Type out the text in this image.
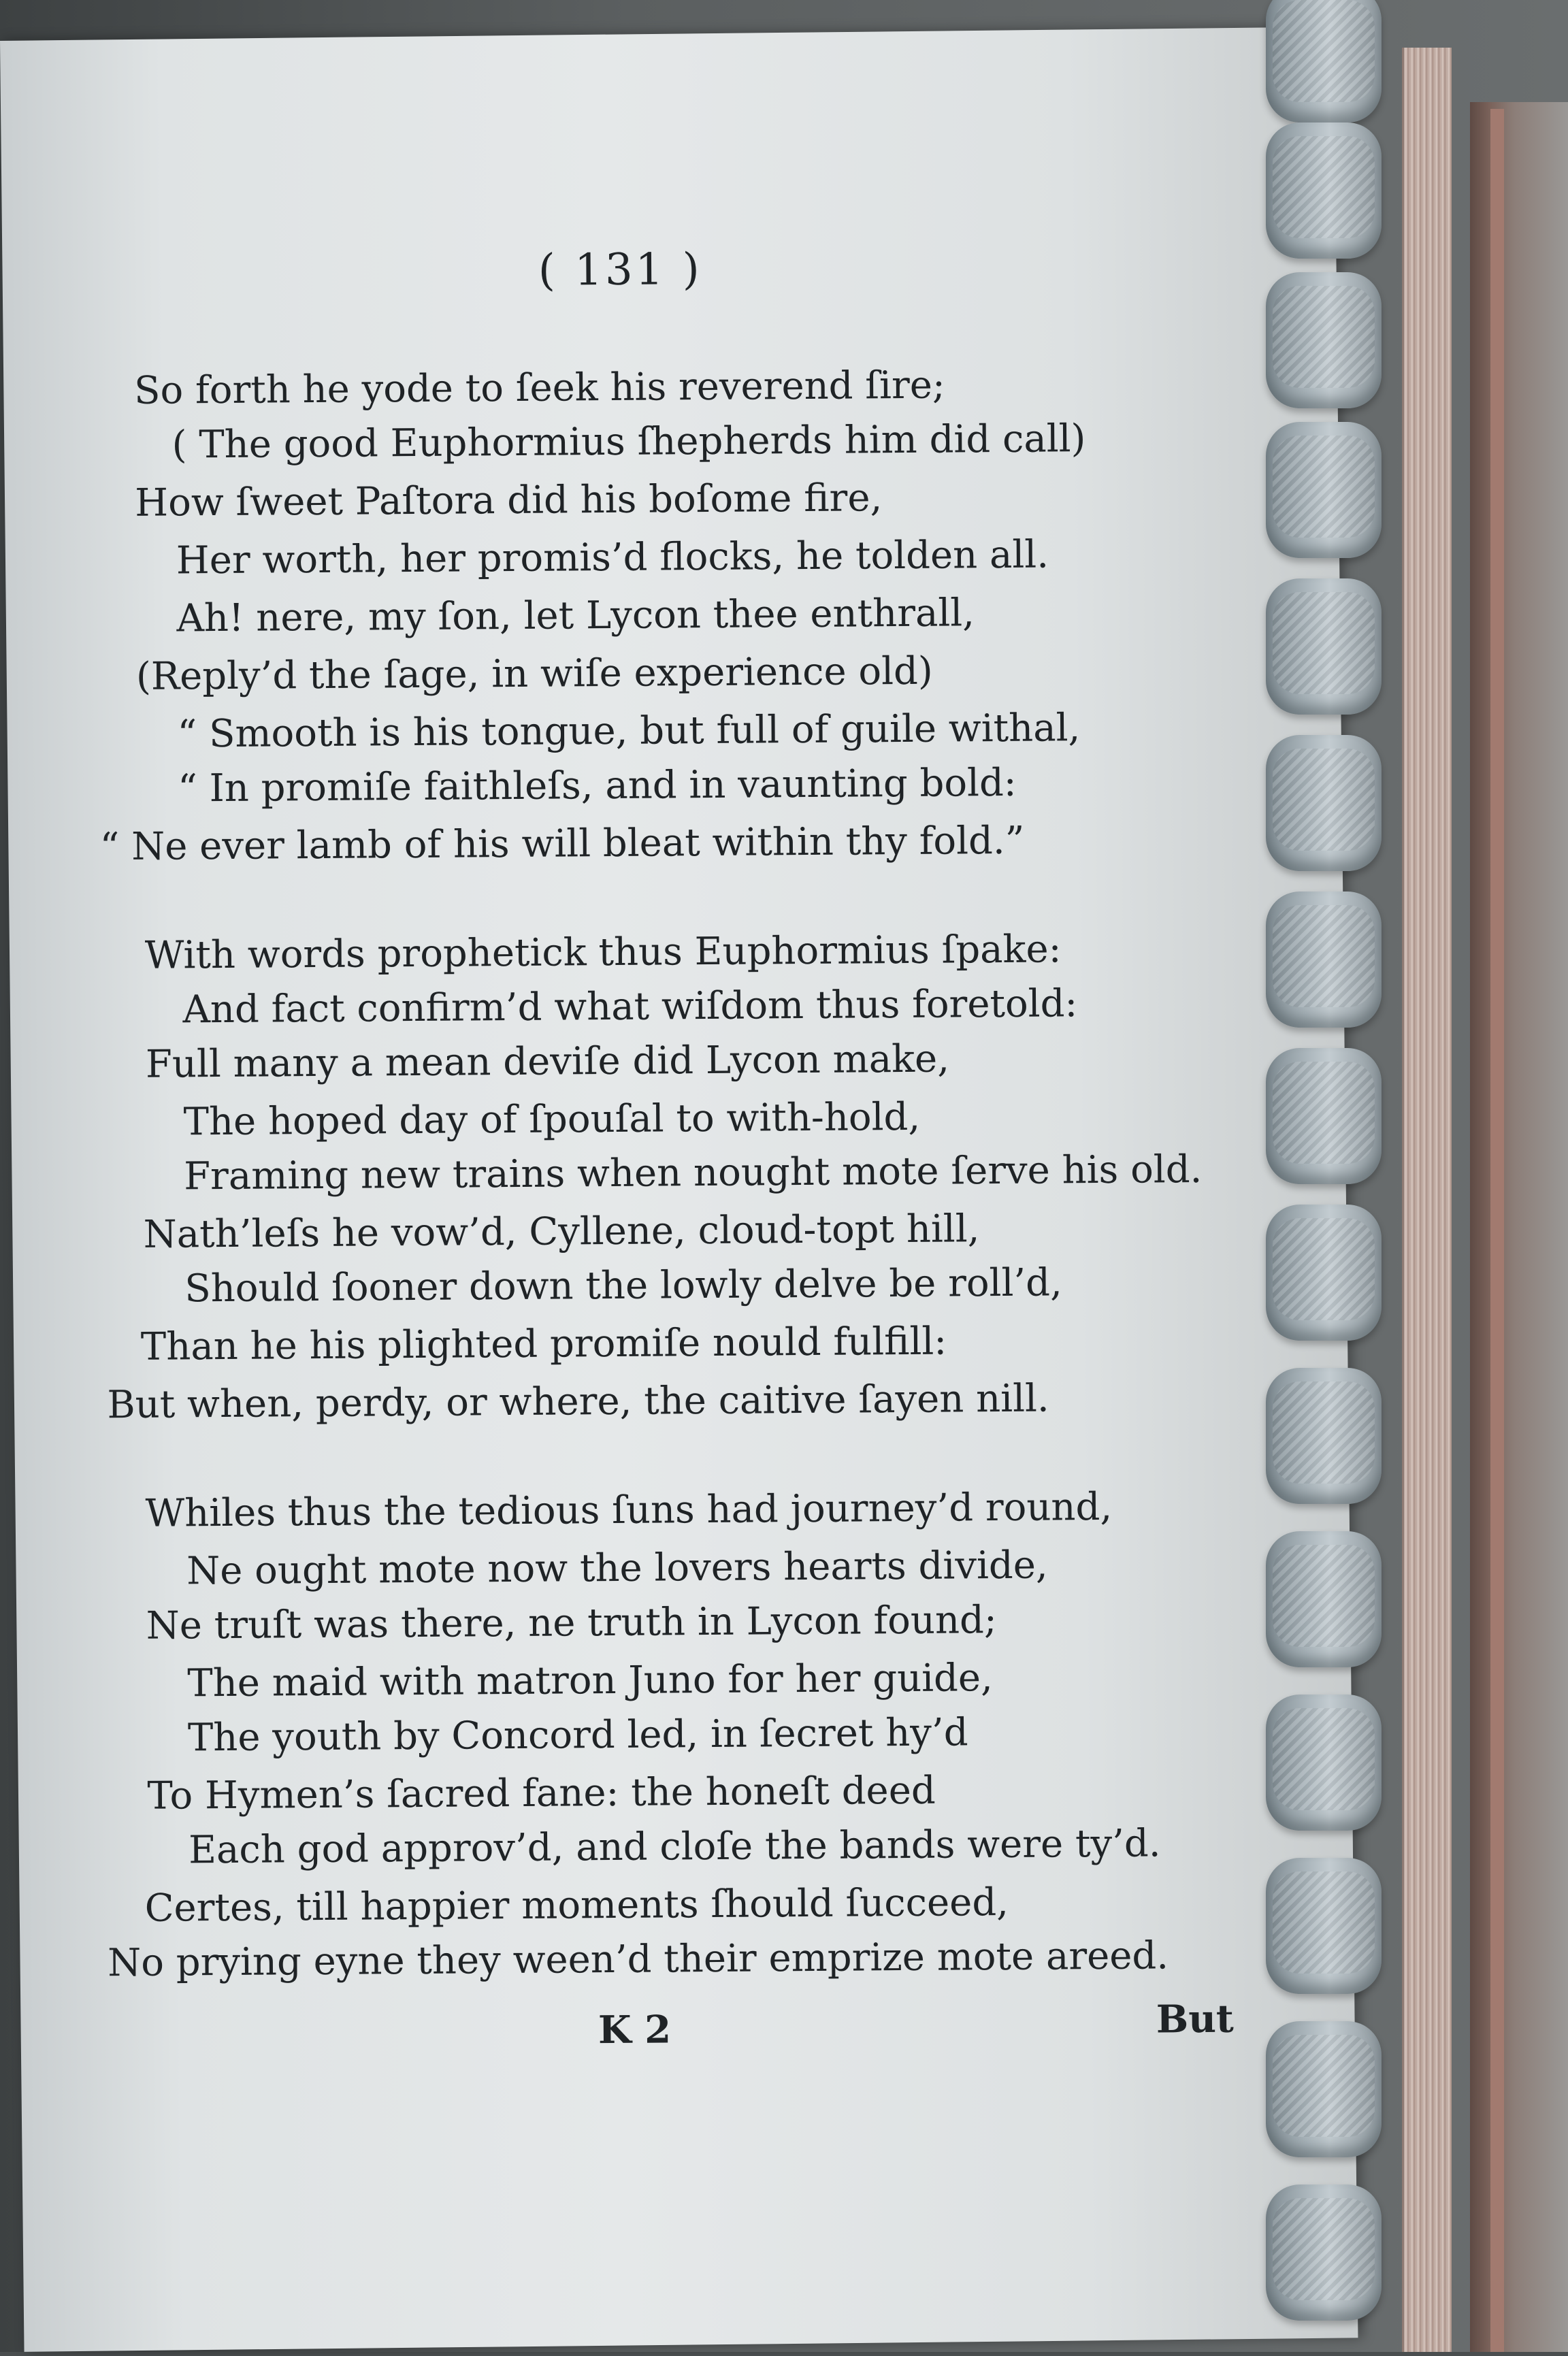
( 131 )
So forth he yode to ſeek his reverend ſire;
( The good Euphormius ſhepherds him did call)
How ſweet Paſtora did his boſome fire,
Her worth, her promis’d flocks, he tolden all.
Ah! nere, my ſon, let Lycon thee enthrall,
(Reply’d the ſage, in wiſe experience old)
“ Smooth is his tongue, but full of guile withal,
“ In promiſe faithleſs, and in vaunting bold:
“ Ne ever lamb of his will bleat within thy fold.”
With words prophetick thus Euphormius ſpake:
And fact confirm’d what wiſdom thus foretold:
Full many a mean deviſe did Lycon make,
The hoped day of ſpouſal to with-hold,
Framing new trains when nought mote ſerve his old.
Nath’leſs he vow’d, Cyllene, cloud-topt hill,
Should ſooner down the lowly delve be roll’d,
Than he his plighted promiſe nould fulfill:
But when, perdy, or where, the caitive ſayen nill.
Whiles thus the tedious ſuns had journey’d round,
Ne ought mote now the lovers hearts divide,
Ne truſt was there, ne truth in Lycon found;
The maid with matron Juno for her guide,
The youth by Concord led, in ſecret hy’d
To Hymen’s ſacred fane: the honeſt deed
Each god approv’d, and cloſe the bands were ty’d.
Certes, till happier moments ſhould ſucceed,
No prying eyne they ween’d their emprize mote areed.
K 2	But
